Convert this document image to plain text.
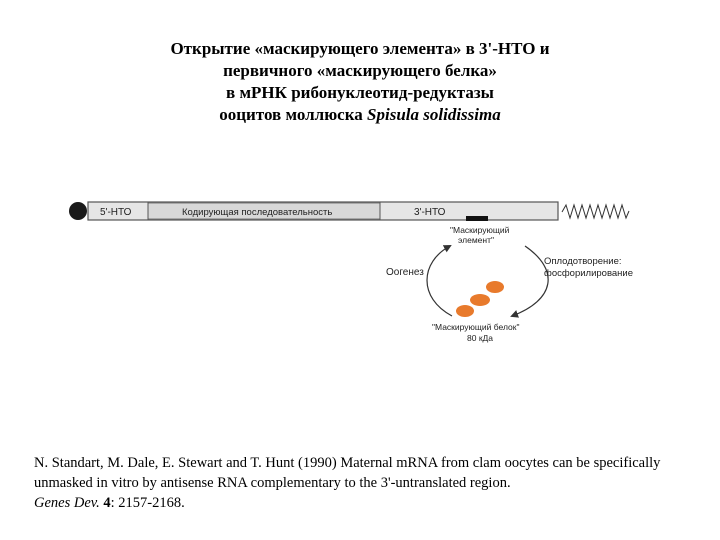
Открытие «маскирующего элемента» в 3'-НТО и
первичного «маскирующего белка»
в мРНК рибонуклеотид-редуктазы
ооцитов моллюска Spisula solidissima
5'-НТО	Кодирующая последовательность	3'-НТО
"Маскирующий
элемент"
Оогенез
Оплодотворение:
фосфорилирование
"Маскирующий белок"
80 кДа
N. Standart, M. Dale, E. Stewart and T. Hunt (1990) Maternal mRNA from clam oocytes can be specifically unmasked in vitro by antisense RNA complementary to the 3'-untranslated region.
Genes Dev. 4: 2157-2168.
